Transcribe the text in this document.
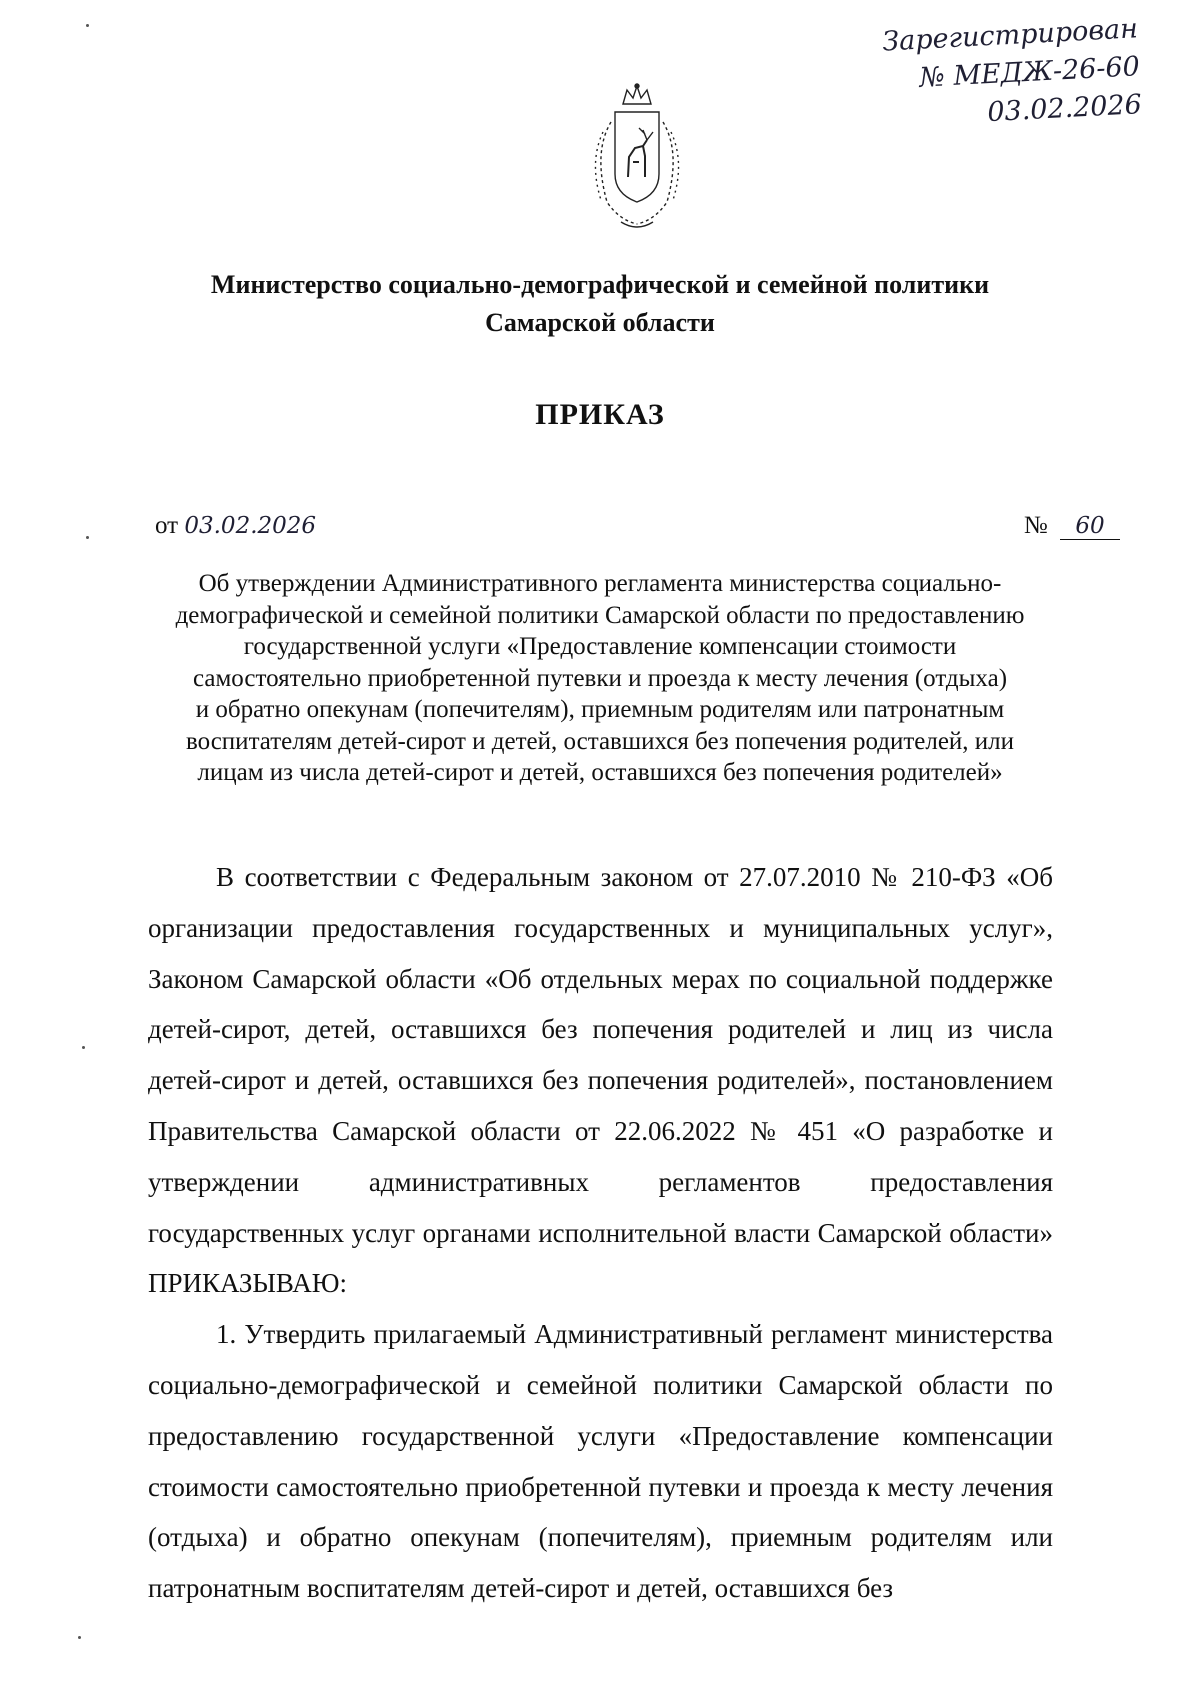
Зарегистрирован
№ МЕДЖ-26-60
03.02.2026
Министерство социально-демографической и семейной политики
Самарской области
ПРИКАЗ
от 03.02.2026	№ 60
Об утверждении Административного регламента министерства социально-
демографической и семейной политики Самарской области по предоставлению
государственной услуги «Предоставление компенсации стоимости
самостоятельно приобретенной путевки и проезда к месту лечения (отдыха)
и обратно опекунам (попечителям), приемным родителям или патронатным
воспитателям детей-сирот и детей, оставшихся без попечения родителей, или
лицам из числа детей-сирот и детей, оставшихся без попечения родителей»

В соответствии с Федеральным законом от 27.07.2010 № 210-ФЗ «Об организации предоставления государственных и муниципальных услуг», Законом Самарской области «Об отдельных мерах по социальной поддержке детей-сирот, детей, оставшихся без попечения родителей и лиц из числа детей-сирот и детей, оставшихся без попечения родителей», постановлением Правительства Самарской области от 22.06.2022 № 451 «О разработке и утверждении административных регламентов предоставления государственных услуг органами исполнительной власти Самарской области» ПРИКАЗЫВАЮ:

1. Утвердить прилагаемый Административный регламент министерства социально-демографической и семейной политики Самарской области по предоставлению государственной услуги «Предоставление компенсации стоимости самостоятельно приобретенной путевки и проезда к месту лечения (отдыха) и обратно опекунам (попечителям), приемным родителям или патронатным воспитателям детей-сирот и детей, оставшихся без
